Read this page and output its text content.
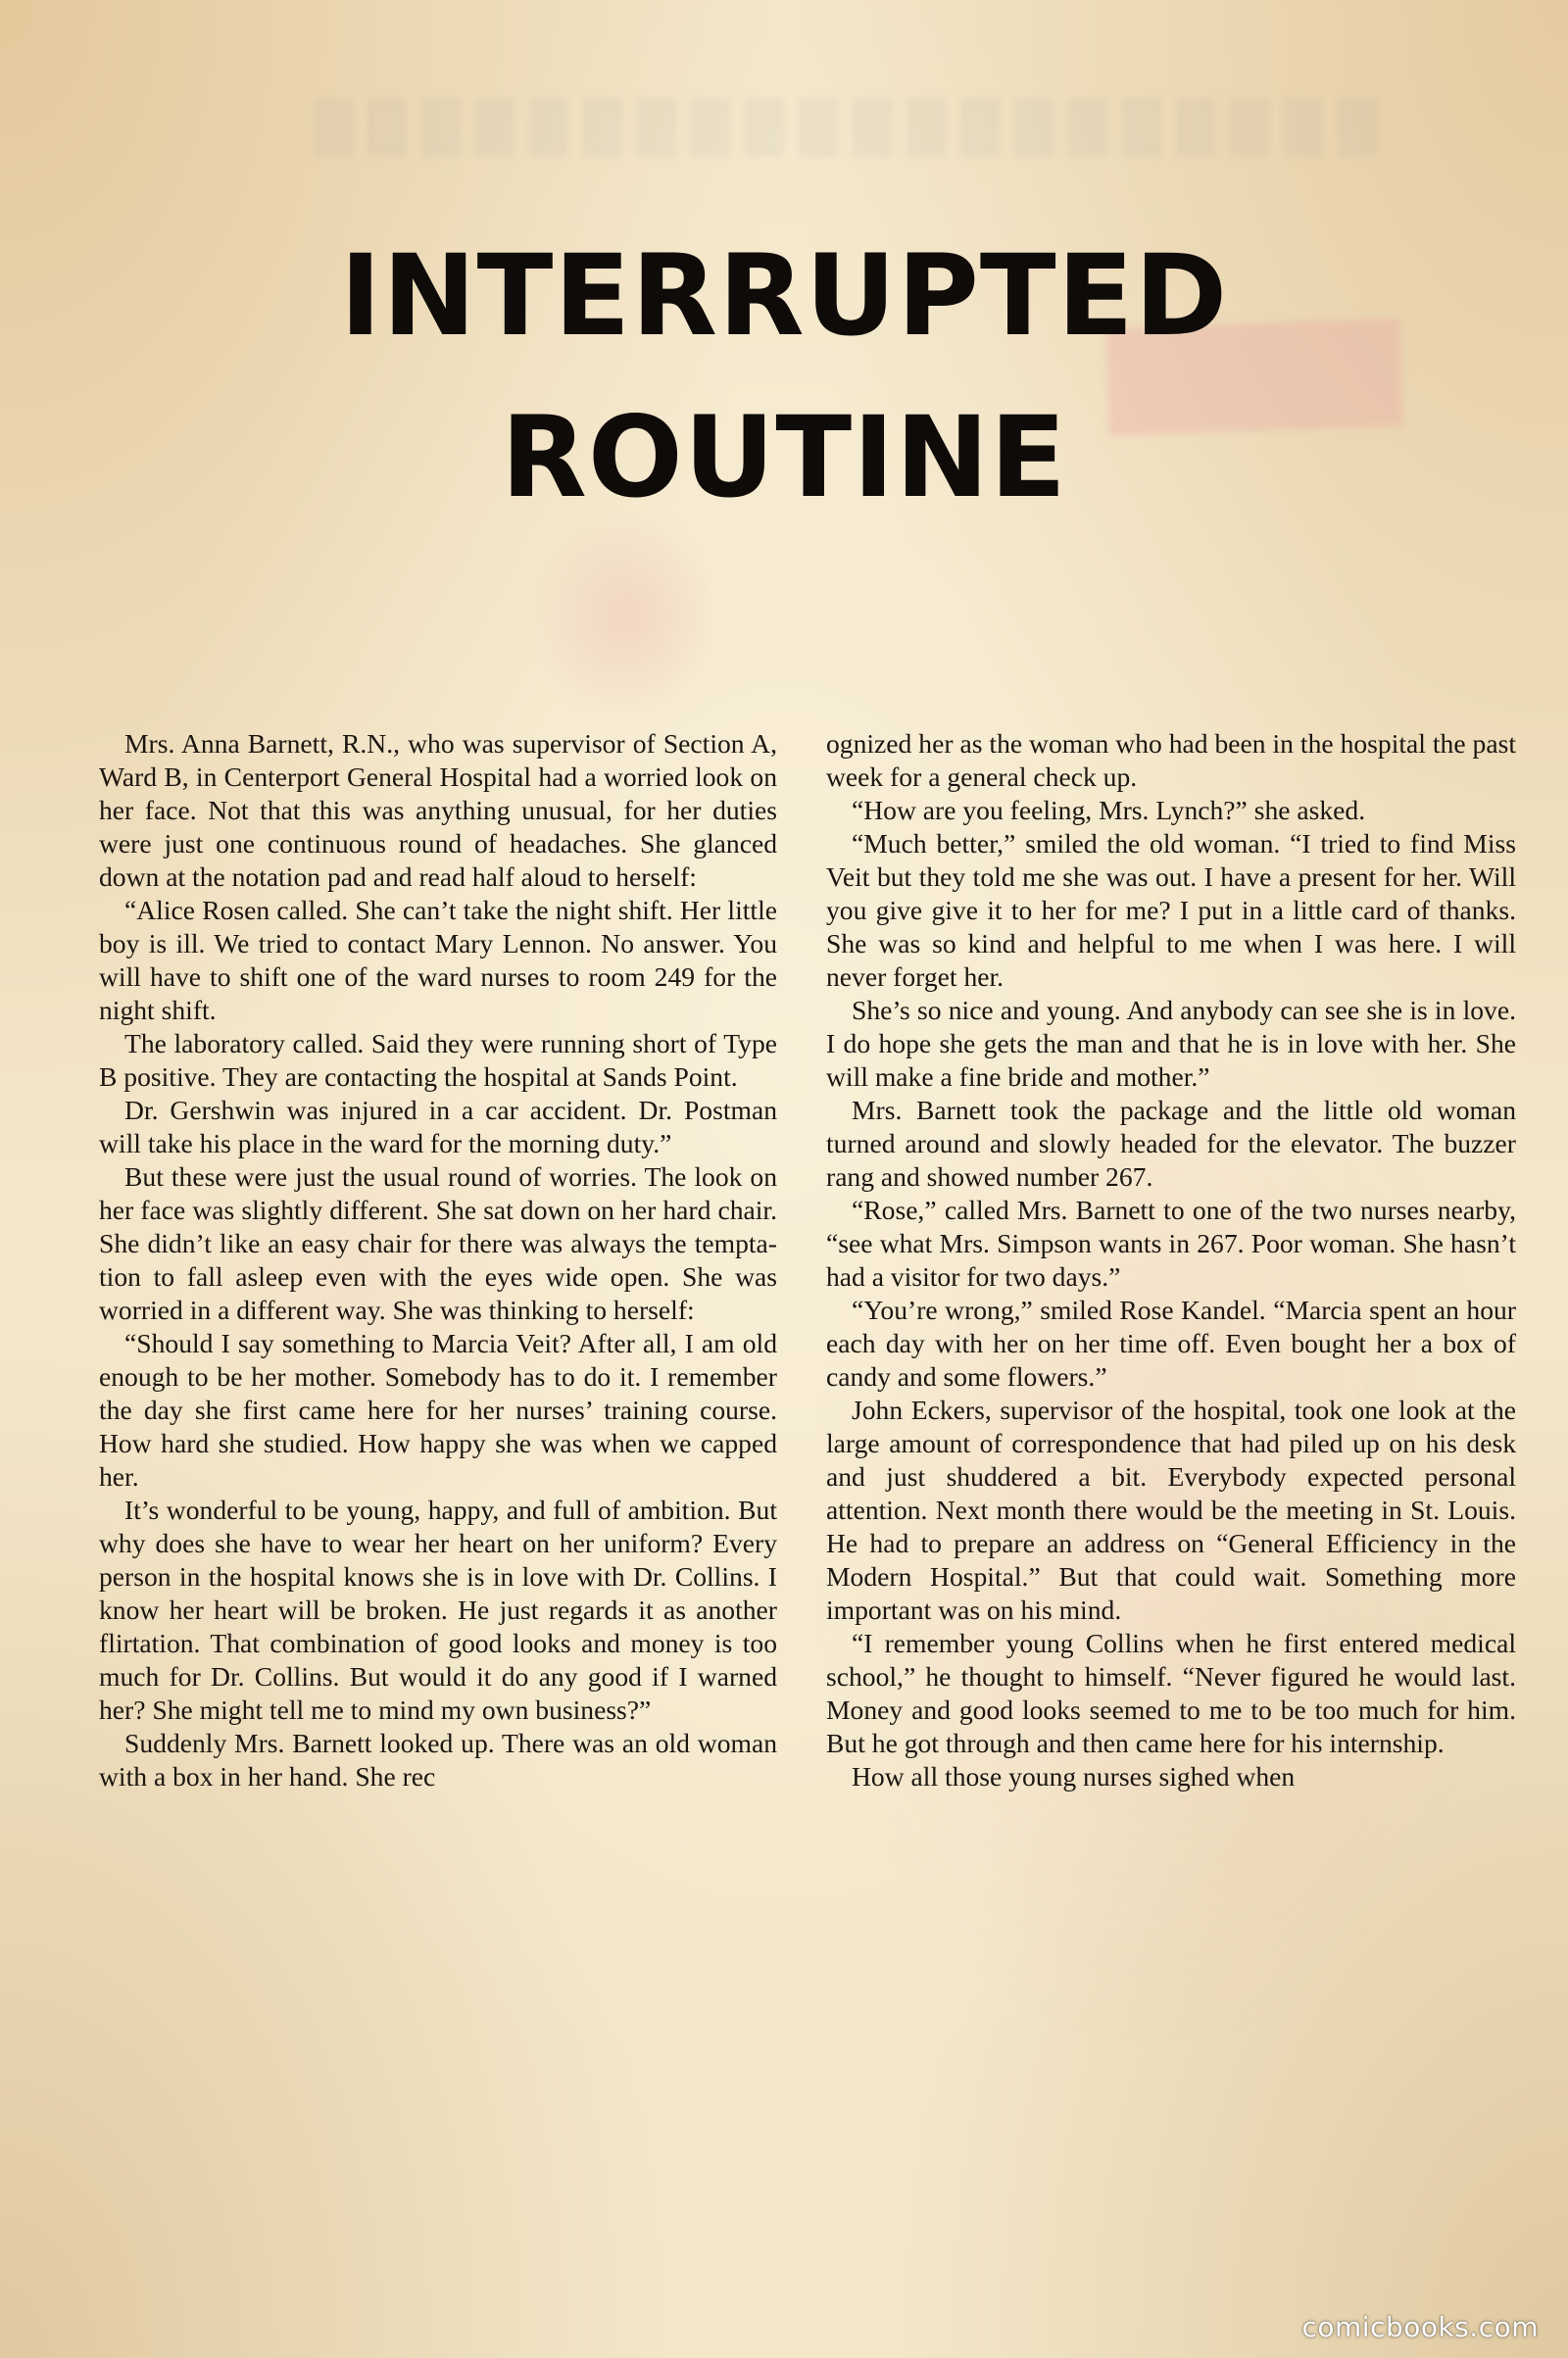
INTERRUPTED
ROUTINE

Mrs. Anna Barnett, R.N., who was supervisor of Section A, Ward B, in Centerport General Hospital had a worried look on her face. Not that this was anything unusual, for her duties were just one continuous round of headaches. She glanced down at the notation pad and read half aloud to herself:

“Alice Rosen called. She can’t take the night shift. Her little boy is ill. We tried to contact Mary Lennon. No answer. You will have to shift one of the ward nurses to room 249 for the night shift.

The laboratory called. Said they were running short of Type B positive. They are contacting the hospital at Sands Point.

Dr. Gershwin was injured in a car accident. Dr. Postman will take his place in the ward for the morning duty.”

But these were just the usual round of worries. The look on her face was slightly different. She sat down on her hard chair. She didn’t like an easy chair for there was always the temptation to fall asleep even with the eyes wide open. She was worried in a different way. She was thinking to herself:

“Should I say something to Marcia Veit? After all, I am old enough to be her mother. Somebody has to do it. I remember the day she first came here for her nurses’ training course. How hard she studied. How happy she was when we capped her.

It’s wonderful to be young, happy, and full of ambition. But why does she have to wear her heart on her uniform? Every person in the hospital knows she is in love with Dr. Collins. I know her heart will be broken. He just regards it as another flirtation. That combination of good looks and money is too much for Dr. Collins. But would it do any good if I warned her? She might tell me to mind my own business?”

Suddenly Mrs. Barnett looked up. There was an old woman with a box in her hand. She rec

ognized her as the woman who had been in the hospital the past week for a general check up.

“How are you feeling, Mrs. Lynch?” she asked.

“Much better,” smiled the old woman. “I tried to find Miss Veit but they told me she was out. I have a present for her. Will you give give it to her for me? I put in a little card of thanks. She was so kind and helpful to me when I was here. I will never forget her.

She’s so nice and young. And anybody can see she is in love. I do hope she gets the man and that he is in love with her. She will make a fine bride and mother.”

Mrs. Barnett took the package and the little old woman turned around and slowly headed for the elevator. The buzzer rang and showed number 267.

“Rose,” called Mrs. Barnett to one of the two nurses nearby, “see what Mrs. Simpson wants in 267. Poor woman. She hasn’t had a visitor for two days.”

“You’re wrong,” smiled Rose Kandel. “Marcia spent an hour each day with her on her time off. Even bought her a box of candy and some flowers.”

John Eckers, supervisor of the hospital, took one look at the large amount of correspondence that had piled up on his desk and just shuddered a bit. Everybody expected personal attention. Next month there would be the meeting in St. Louis. He had to prepare an address on “General Efficiency in the Modern Hospital.” But that could wait. Something more important was on his mind.

“I remember young Collins when he first entered medical school,” he thought to himself. “Never figured he would last. Money and good looks seemed to me to be too much for him. But he got through and then came here for his internship.

How all those young nurses sighed when

comicbooks.com
